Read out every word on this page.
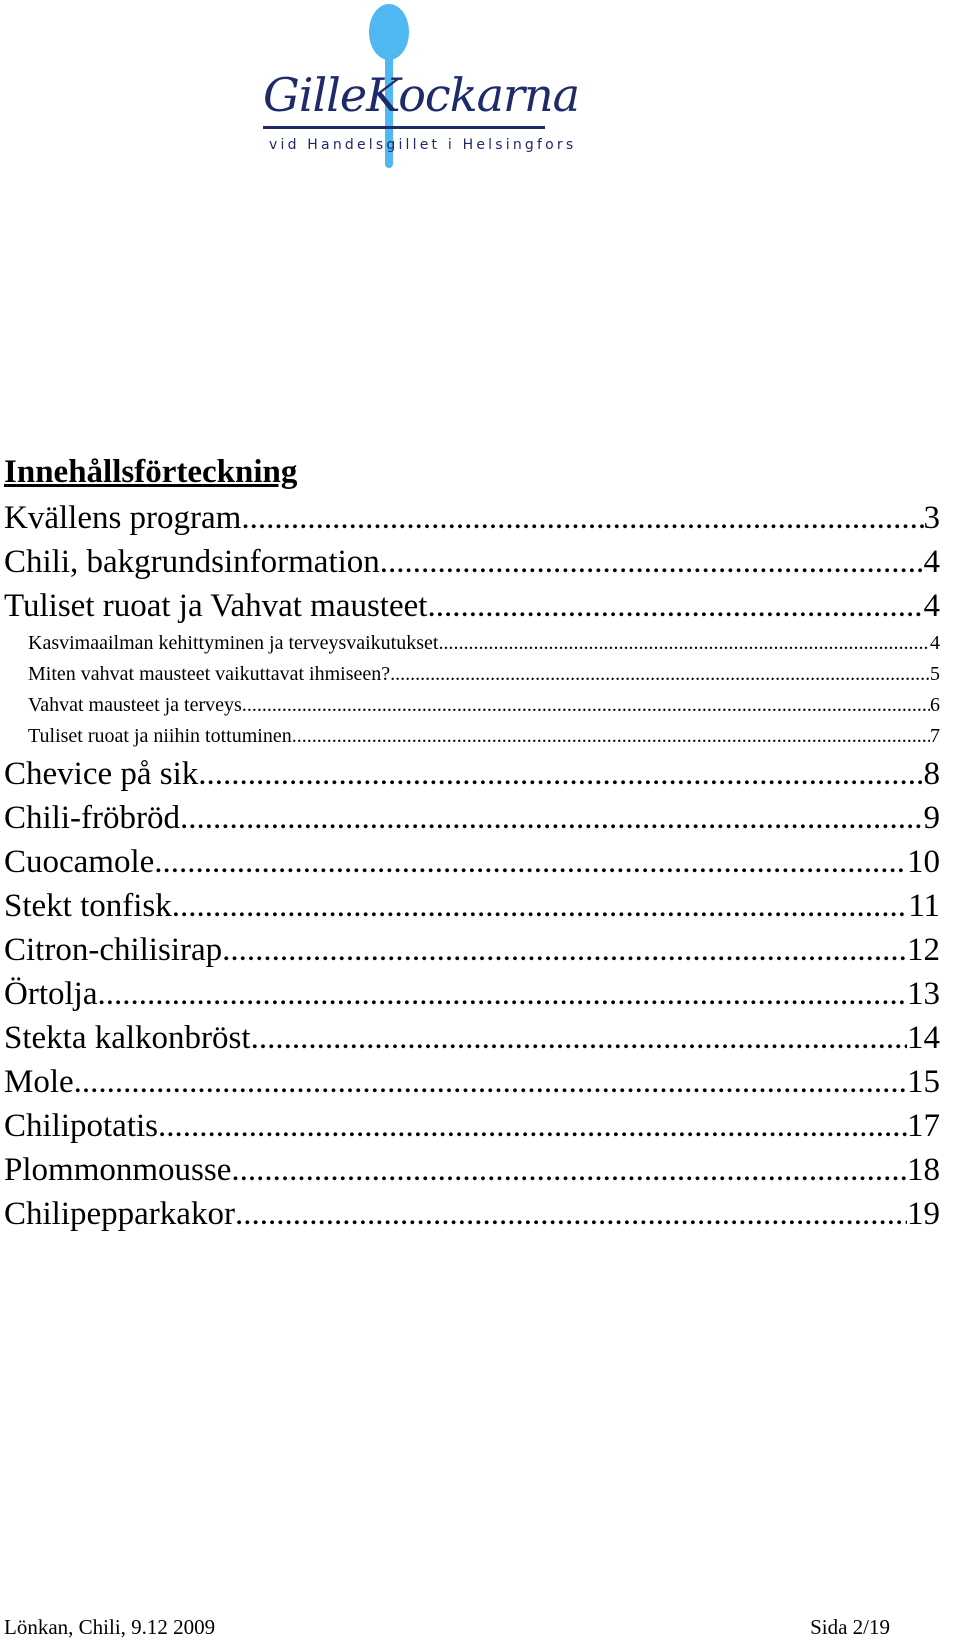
GilleKockarna
vid Handelsgillet i Helsingfors
Innehållsförteckning
Kvällens program .....	3
Chili, bakgrundsinformation .....	4
Tuliset ruoat ja Vahvat mausteet. .....	4
Kasvimaailman kehittyminen ja terveysvaikutukset .....	4
Miten vahvat mausteet vaikuttavat ihmiseen?. .....	5
Vahvat mausteet ja terveys .....	6
Tuliset ruoat ja niihin tottuminen .....	7
Chevice på sik .....	8
Chili-fröbröd .....	9
Cuocamole .....	10
Stekt tonfisk .....	11
Citron-chilisirap .....	12
Örtolja .....	13
Stekta kalkonbröst .....	14
Mole .....	15
Chilipotatis .....	17
Plommonmousse .....	18
Chilipepparkakor .....	19
Lönkan, Chili, 9.12 2009	Sida 2/19
